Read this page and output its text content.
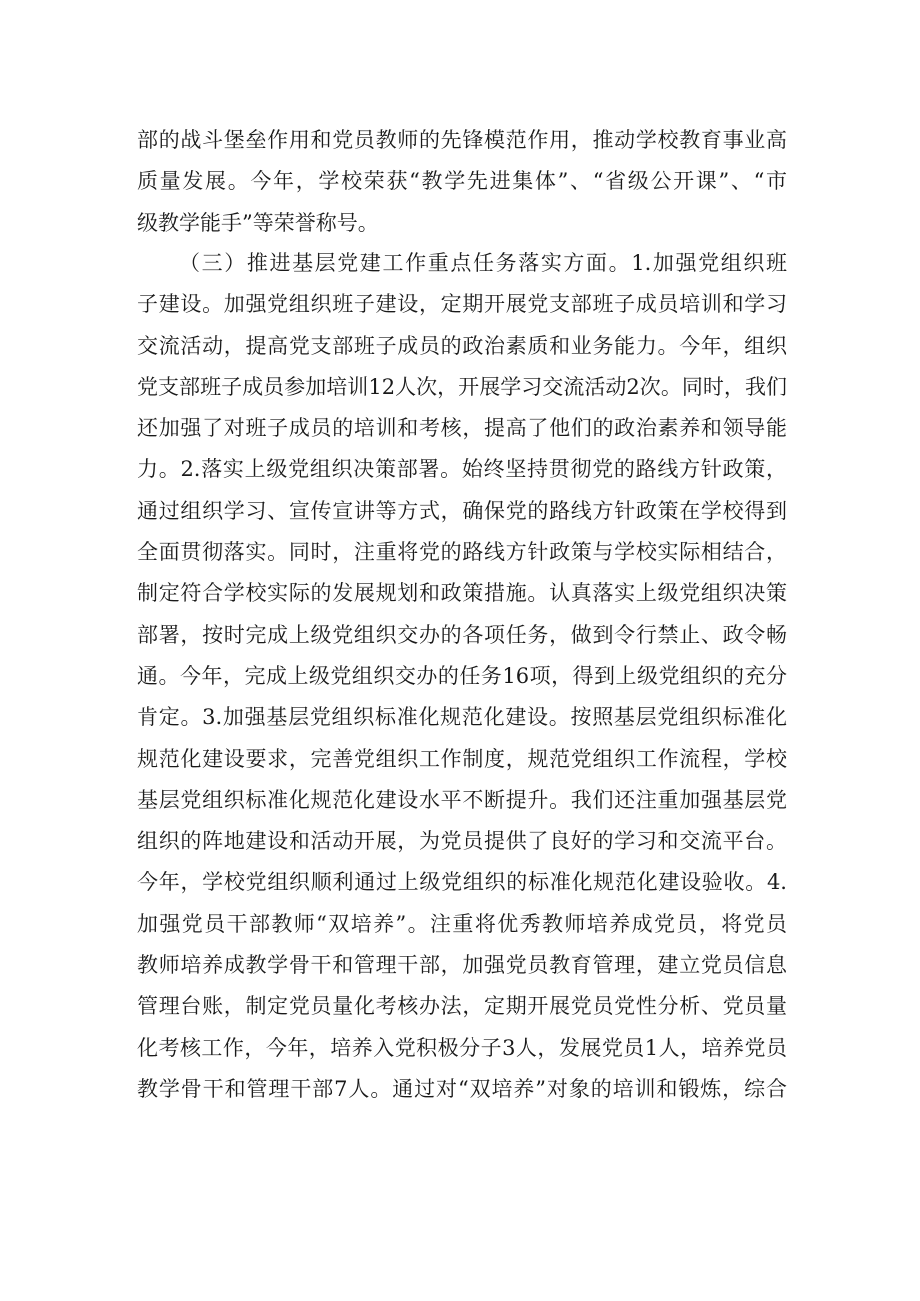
部的战斗堡垒作用和党员教师的先锋模范作用，推动学校教育事业高
质量发展。今年，学校荣获“教学先进集体”、“省级公开课”、“市
级教学能手”等荣誉称号。
（三）推进基层党建工作重点任务落实方面。1.加强党组织班
子建设。加强党组织班子建设，定期开展党支部班子成员培训和学习
交流活动，提高党支部班子成员的政治素质和业务能力。今年，组织
党支部班子成员参加培训12人次，开展学习交流活动2次。同时，我们
还加强了对班子成员的培训和考核，提高了他们的政治素养和领导能
力。2.落实上级党组织决策部署。始终坚持贯彻党的路线方针政策，
通过组织学习、宣传宣讲等方式，确保党的路线方针政策在学校得到
全面贯彻落实。同时，注重将党的路线方针政策与学校实际相结合，
制定符合学校实际的发展规划和政策措施。认真落实上级党组织决策
部署，按时完成上级党组织交办的各项任务，做到令行禁止、政令畅
通。今年，完成上级党组织交办的任务16项，得到上级党组织的充分
肯定。3.加强基层党组织标准化规范化建设。按照基层党组织标准化
规范化建设要求，完善党组织工作制度，规范党组织工作流程，学校
基层党组织标准化规范化建设水平不断提升。我们还注重加强基层党
组织的阵地建设和活动开展，为党员提供了良好的学习和交流平台。
今年，学校党组织顺利通过上级党组织的标准化规范化建设验收。4.
加强党员干部教师“双培养”。注重将优秀教师培养成党员，将党员
教师培养成教学骨干和管理干部，加强党员教育管理，建立党员信息
管理台账，制定党员量化考核办法，定期开展党员党性分析、党员量
化考核工作，今年，培养入党积极分子3人，发展党员1人，培养党员
教学骨干和管理干部7人。通过对“双培养”对象的培训和锻炼，综合
